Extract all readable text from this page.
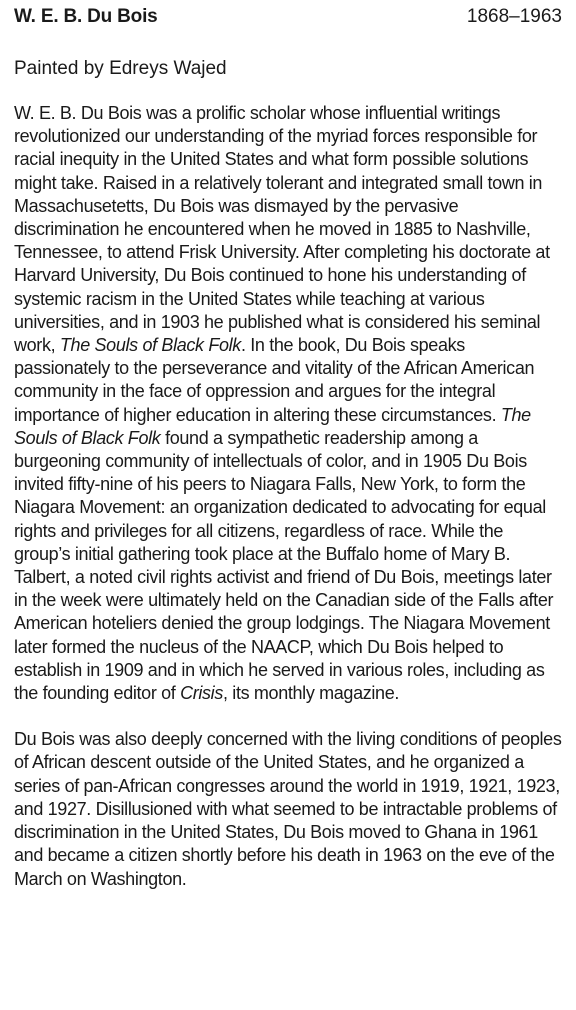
W. E. B. Du Bois	1868–1963
Painted by Edreys Wajed

W. E. B. Du Bois was a prolific scholar whose influential writings revolutionized our understanding of the myriad forces responsible for racial inequity in the United States and what form possible solutions might take. Raised in a relatively tolerant and integrated small town in Massachusetetts, Du Bois was dismayed by the pervasive discrimination he encountered when he moved in 1885 to Nashville, Tennessee, to attend Frisk University. After completing his doctorate at Harvard University, Du Bois continued to hone his understanding of systemic racism in the United States while teaching at various universities, and in 1903 he published what is considered his seminal work, The Souls of Black Folk. In the book, Du Bois speaks passionately to the perseverance and vitality of the African American community in the face of oppression and argues for the integral importance of higher education in altering these circumstances. The Souls of Black Folk found a sympathetic readership among a burgeoning community of intellectuals of color, and in 1905 Du Bois invited fifty-nine of his peers to Niagara Falls, New York, to form the Niagara Movement: an organization dedicated to advocating for equal rights and privileges for all citizens, regardless of race. While the group’s initial gathering took place at the Buffalo home of Mary B. Talbert, a noted civil rights activist and friend of Du Bois, meetings later in the week were ultimately held on the Canadian side of the Falls after American hoteliers denied the group lodgings. The Niagara Movement later formed the nucleus of the NAACP, which Du Bois helped to establish in 1909 and in which he served in various roles, including as the founding editor of Crisis, its monthly magazine.

Du Bois was also deeply concerned with the living conditions of peoples of African descent outside of the United States, and he organized a series of pan-African congresses around the world in 1919, 1921, 1923, and 1927. Disillusioned with what seemed to be intractable problems of discrimination in the United States, Du Bois moved to Ghana in 1961 and became a citizen shortly before his death in 1963 on the eve of the March on Washington.
